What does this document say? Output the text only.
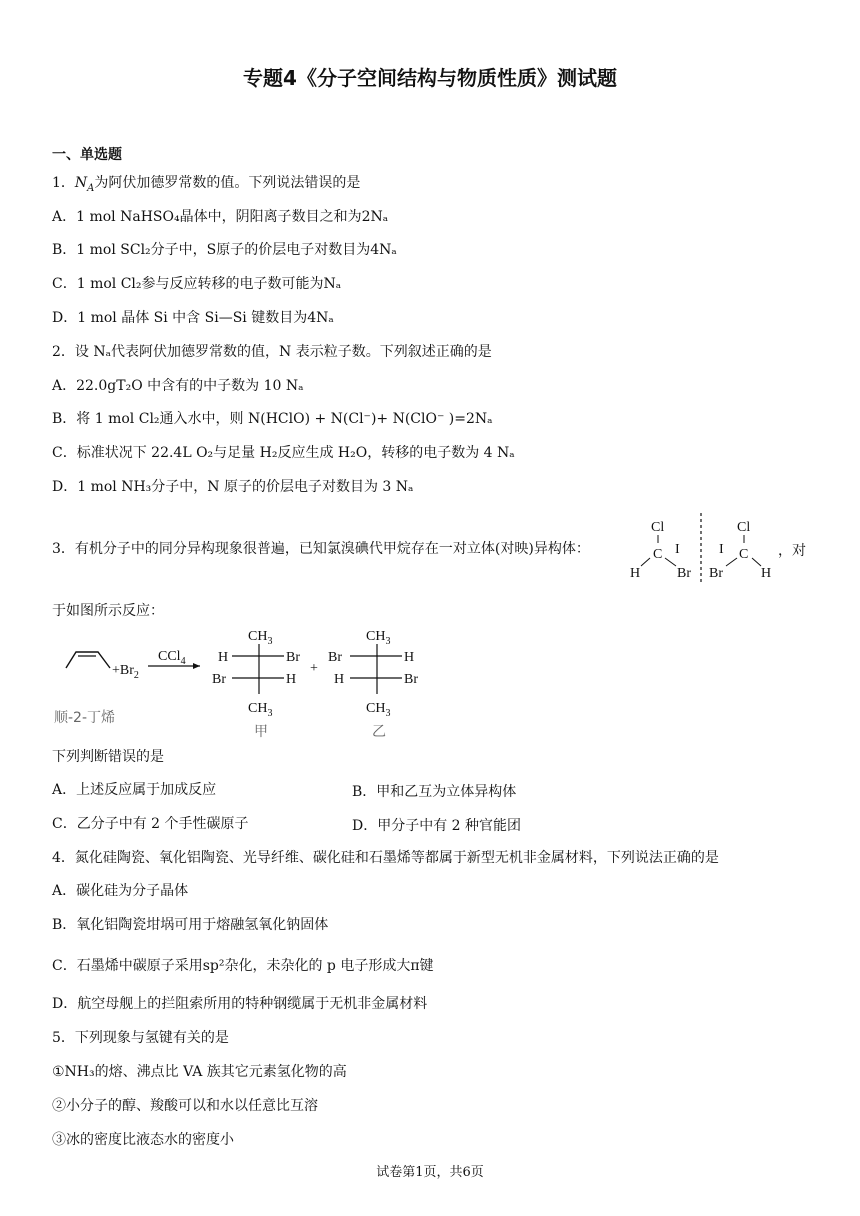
专题4《分子空间结构与物质性质》测试题
一、单选题
1．$N_A$为阿伏加德罗常数的值。下列说法错误的是
A．1 mol NaHSO₄晶体中，阴阳离子数目之和为2Nₐ
B．1 mol SCl₂分子中，S原子的价层电子对数目为4Nₐ
C．1 mol Cl₂参与反应转移的电子数可能为Nₐ
D．1 mol 晶体 Si 中含 Si—Si 键数目为4Nₐ
2．设 Nₐ代表阿伏加德罗常数的值，N 表示粒子数。下列叙述正确的是
A．22.0gT₂O 中含有的中子数为 10 Nₐ
B．将 1 mol Cl₂通入水中，则 N(HClO) + N(Cl⁻)+ N(ClO⁻ )=2Nₐ
C．标准状况下 22.4L O₂与足量 H₂反应生成 H₂O，转移的电子数为 4 Nₐ
D．1 mol NH₃分子中，N 原子的价层电子对数目为 3 Nₐ
3．有机分子中的同分异构现象很普遍，已知氯溴碘代甲烷存在一对立体(对映)异构体：	，对
Cl
C I
H	Br
Cl
C
I
Br	H
于如图所示反应：
$+Br_2$
CCl$_4$
$CH_3$
H	Br
Br	H
$CH_3$
+
$CH_3$
Br	H
H	Br
$CH_3$
顺-2-丁烯
甲	乙
下列判断错误的是
A．上述反应属于加成反应	B．甲和乙互为立体异构体
C．乙分子中有 2 个手性碳原子	D．甲分子中有 2 种官能团
4．氮化硅陶瓷、氧化铝陶瓷、光导纤维、碳化硅和石墨烯等都属于新型无机非金属材料，下列说法正确的是
A．碳化硅为分子晶体
B．氧化铝陶瓷坩埚可用于熔融氢氧化钠固体
C．石墨烯中碳原子采用sp²杂化，未杂化的 p 电子形成大π键
D．航空母舰上的拦阻索所用的特种钢缆属于无机非金属材料
5．下列现象与氢键有关的是
①NH₃的熔、沸点比 VA 族其它元素氢化物的高
②小分子的醇、羧酸可以和水以任意比互溶
③冰的密度比液态水的密度小
试卷第1页，共6页
